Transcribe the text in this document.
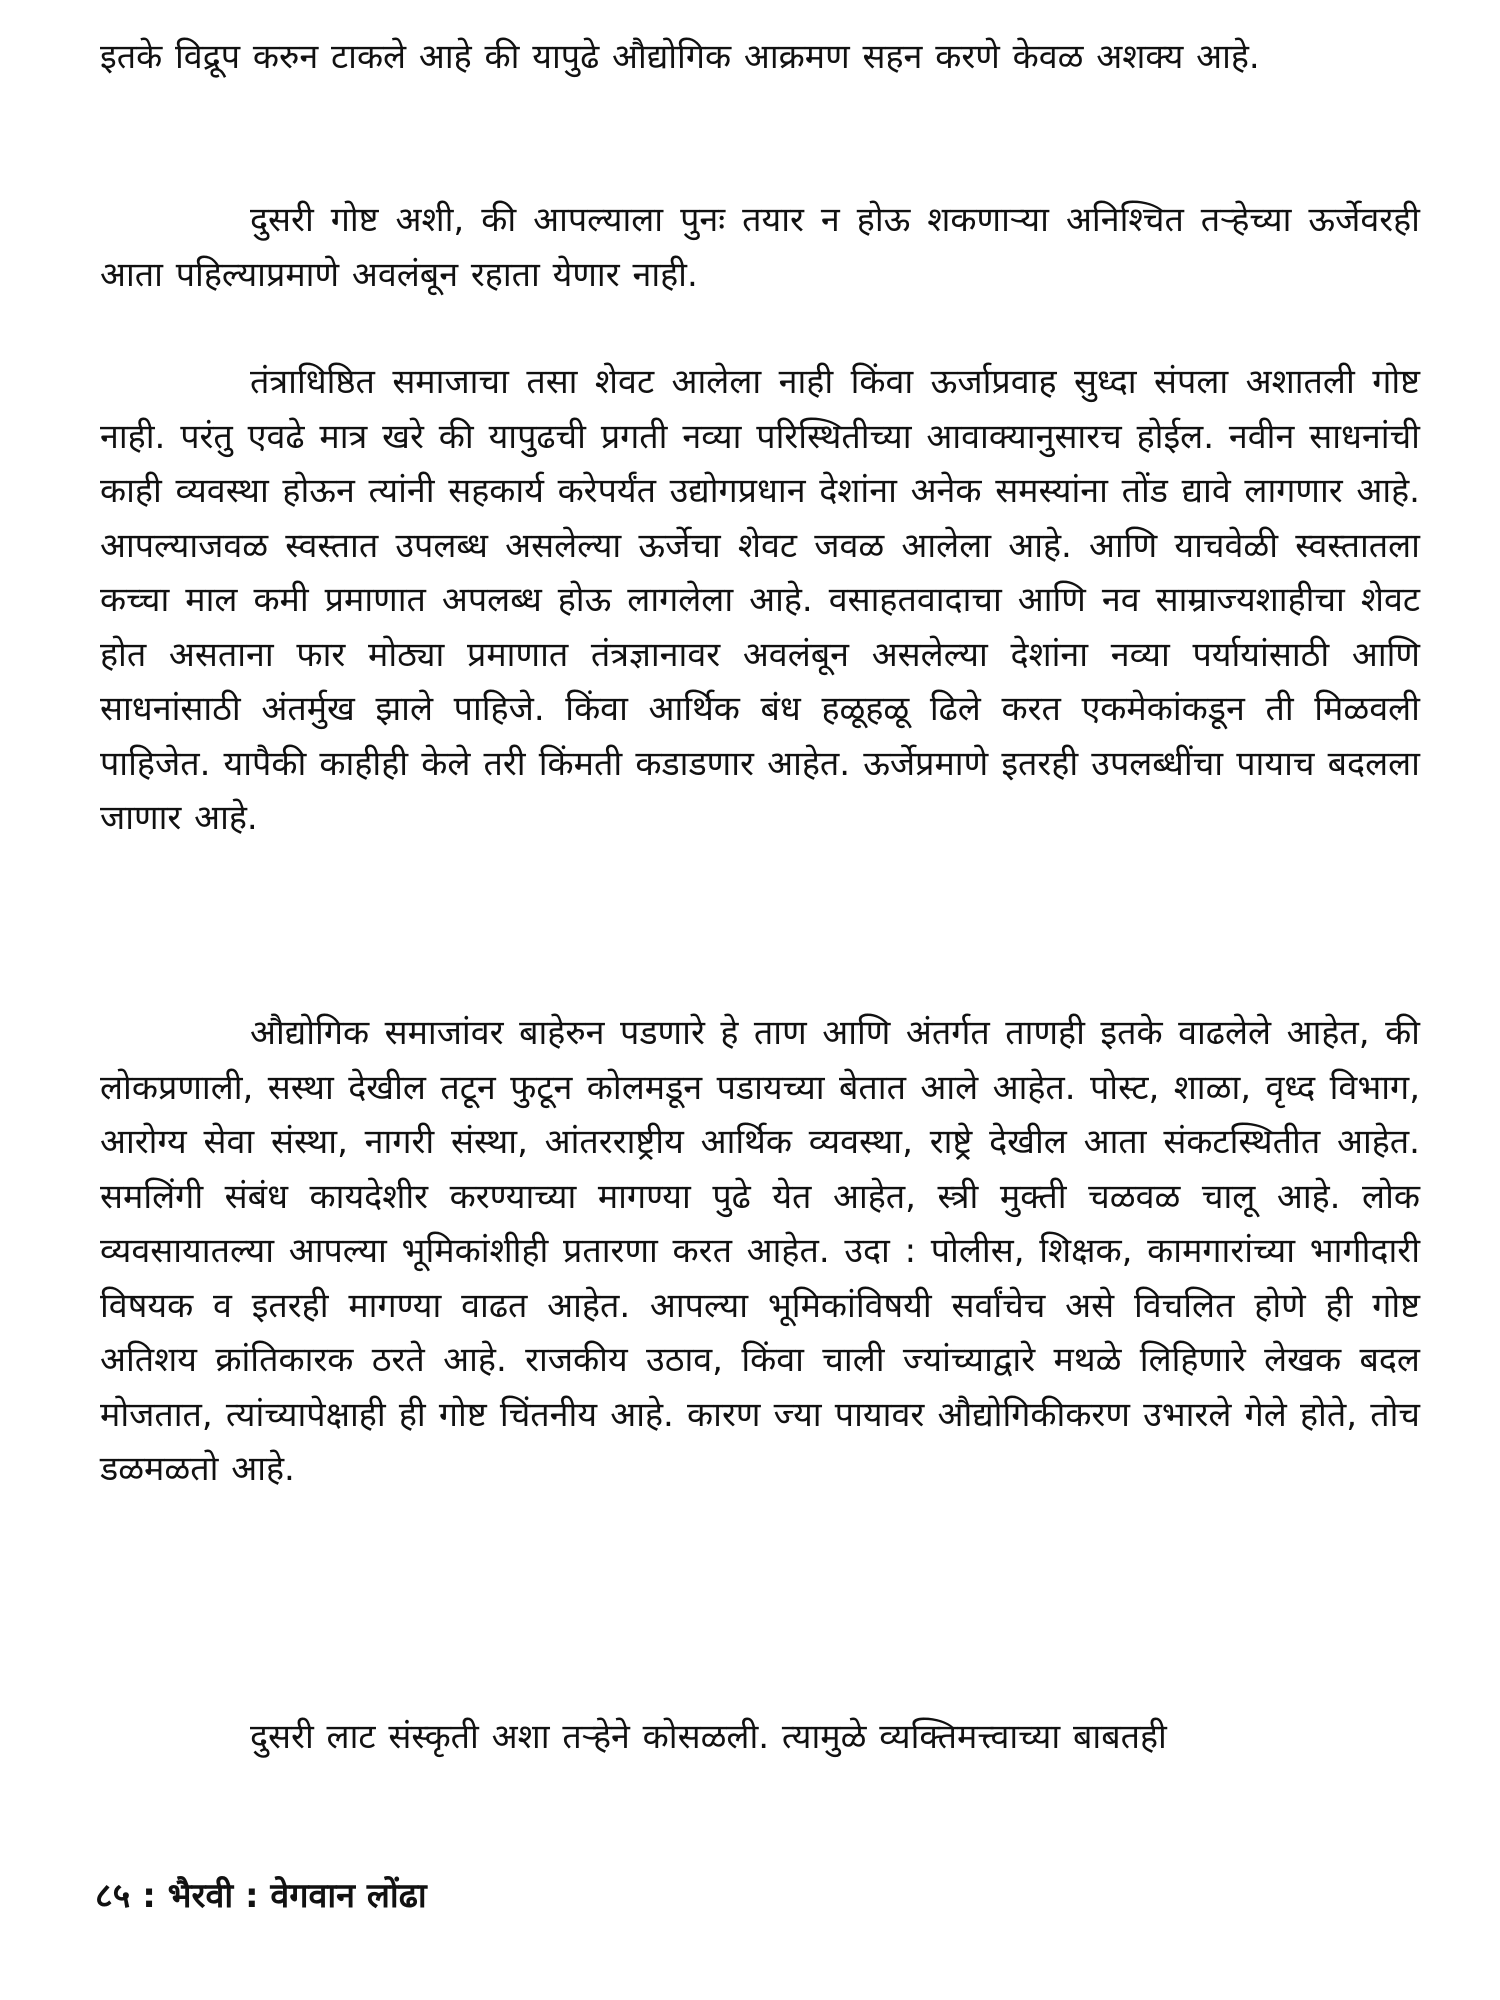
इतके विद्रूप करुन टाकले आहे की यापुढे औद्योगिक आक्रमण सहन करणे केवळ अशक्य आहे.

दुसरी गोष्ट अशी, की आपल्याला पुनः तयार न होऊ शकणाऱ्या अनिश्चित तऱ्हेच्या ऊर्जेवरही आता पहिल्याप्रमाणे अवलंबून रहाता येणार नाही.

तंत्राधिष्ठित समाजाचा तसा शेवट आलेला नाही किंवा ऊर्जाप्रवाह सुध्दा संपला अशातली गोष्ट नाही. परंतु एवढे मात्र खरे की यापुढची प्रगती नव्या परिस्थितीच्या आवाक्यानुसारच होईल. नवीन साधनांची काही व्यवस्था होऊन त्यांनी सहकार्य करेपर्यंत उद्योगप्रधान देशांना अनेक समस्यांना तोंड द्यावे लागणार आहे. आपल्याजवळ स्वस्तात उपलब्ध असलेल्या ऊर्जेचा शेवट जवळ आलेला आहे. आणि याचवेळी स्वस्तातला कच्चा माल कमी प्रमाणात अपलब्ध होऊ लागलेला आहे. वसाहतवादाचा आणि नव साम्राज्यशाहीचा शेवट होत असताना फार मोठ्या प्रमाणात तंत्रज्ञानावर अवलंबून असलेल्या देशांना नव्या पर्यायांसाठी आणि साधनांसाठी अंतर्मुख झाले पाहिजे. किंवा आर्थिक बंध हळूहळू ढिले करत एकमेकांकडून ती मिळवली पाहिजेत. यापैकी काहीही केले तरी किंमती कडाडणार आहेत. ऊर्जेप्रमाणे इतरही उपलब्धींचा पायाच बदलला जाणार आहे.

औद्योगिक समाजांवर बाहेरुन पडणारे हे ताण आणि अंतर्गत ताणही इतके वाढलेले आहेत, की लोकप्रणाली, सस्था देखील तटून फुटून कोलमडून पडायच्या बेतात आले आहेत. पोस्ट, शाळा, वृध्द विभाग, आरोग्य सेवा संस्था, नागरी संस्था, आंतरराष्ट्रीय आर्थिक व्यवस्था, राष्ट्रे देखील आता संकटस्थितीत आहेत. समलिंगी संबंध कायदेशीर करण्याच्या मागण्या पुढे येत आहेत, स्त्री मुक्ती चळवळ चालू आहे. लोक व्यवसायातल्या आपल्या भूमिकांशीही प्रतारणा करत आहेत. उदा : पोलीस, शिक्षक, कामगारांच्या भागीदारी विषयक व इतरही मागण्या वाढत आहेत. आपल्या भूमिकांविषयी सर्वांचेच असे विचलित होणे ही गोष्ट अतिशय क्रांतिकारक ठरते आहे. राजकीय उठाव, किंवा चाली ज्यांच्याद्वारे मथळे लिहिणारे लेखक बदल मोजतात, त्यांच्यापेक्षाही ही गोष्ट चिंतनीय आहे. कारण ज्या पायावर औद्योगिकीकरण उभारले गेले होते, तोच डळमळतो आहे.

दुसरी लाट संस्कृती अशा तऱ्हेने कोसळली. त्यामुळे व्यक्तिमत्त्वाच्या बाबतही

८५ : भैरवी : वेगवान लोंढा
